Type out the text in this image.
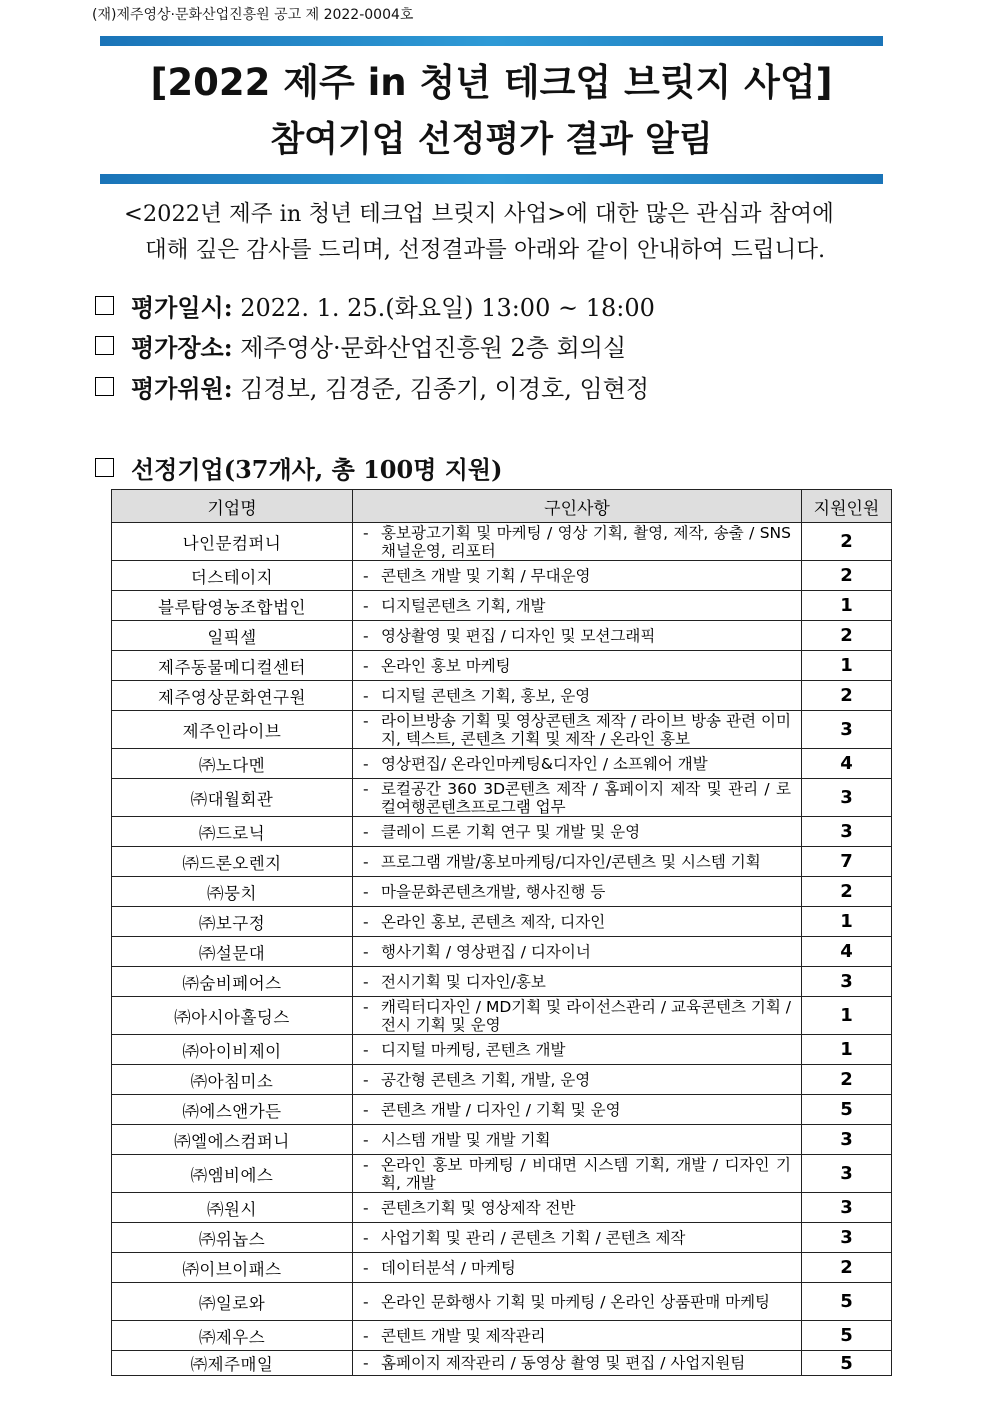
(재)제주영상·문화산업진흥원 공고 제 2022-0004호
[2022 제주 in 청년 테크업 브릿지 사업]
참여기업 선정평가 결과 알림
<2022년 제주 in 청년 테크업 브릿지 사업>에 대한 많은 관심과 참여에
대해 깊은 감사를 드리며, 선정결과를 아래와 같이 안내하여 드립니다.
평가일시: 2022. 1. 25.(화요일) 13:00 ~ 18:00
평가장소: 제주영상·문화산업진흥원 2층 회의실
평가위원: 김경보, 김경준, 김종기, 이경호, 임현정
선정기업(37개사, 총 100명 지원)
기업명	구인사항	지원인원
나인문컴퍼니	- 홍보광고기획 및 마케팅 / 영상 기획, 촬영, 제작, 송출 / SNS 채널운영, 리포터	2
더스테이지	- 콘텐츠 개발 및 기획 / 무대운영	2
블루탐영농조합법인	- 디지털콘텐츠 기획, 개발	1
일픽셀	- 영상촬영 및 편집 / 디자인 및 모션그래픽	2
제주동물메디컬센터	- 온라인 홍보 마케팅	1
제주영상문화연구원	- 디지털 콘텐츠 기획, 홍보, 운영	2
제주인라이브	- 라이브방송 기획 및 영상콘텐츠 제작 / 라이브 방송 관련 이미지, 텍스트, 콘텐츠 기획 및 제작 / 온라인 홍보	3
㈜노다멘	- 영상편집/ 온라인마케팅&디자인 / 소프웨어 개발	4
㈜대월회관	- 로컬공간 360 3D콘텐츠 제작 / 홈페이지 제작 및 관리 / 로컬여행콘텐츠프로그램 업무	3
㈜드로닉	- 클레이 드론 기획 연구 및 개발 및 운영	3
㈜드론오렌지	- 프로그램 개발/홍보마케팅/디자인/콘텐츠 및 시스템 기획	7
㈜뭉치	- 마을문화콘텐츠개발, 행사진행 등	2
㈜보구정	- 온라인 홍보, 콘텐츠 제작, 디자인	1
㈜설문대	- 행사기획 / 영상편집 / 디자이너	4
㈜숨비페어스	- 전시기획 및 디자인/홍보	3
㈜아시아홀딩스	- 캐릭터디자인 / MD기획 및 라이선스관리 / 교육콘텐츠 기획 / 전시 기획 및 운영	1
㈜아이비제이	- 디지털 마케팅, 콘텐츠 개발	1
㈜아침미소	- 공간형 콘텐츠 기획, 개발, 운영	2
㈜에스앤가든	- 콘텐츠 개발 / 디자인 / 기획 및 운영	5
㈜엘에스컴퍼니	- 시스템 개발 및 개발 기획	3
㈜엠비에스	- 온라인 홍보 마케팅 / 비대면 시스템 기획, 개발 / 디자인 기획, 개발	3
㈜원시	- 콘텐츠기획 및 영상제작 전반	3
㈜위놉스	- 사업기획 및 관리 / 콘텐츠 기획 / 콘텐츠 제작	3
㈜이브이패스	- 데이터분석 / 마케팅	2
㈜일로와	- 온라인 문화행사 기획 및 마케팅 / 온라인 상품판매 마케팅	5
㈜제우스	- 콘텐트 개발 및 제작관리	5
㈜제주매일	- 홈페이지 제작관리 / 동영상 촬영 및 편집 / 사업지원팀	5
